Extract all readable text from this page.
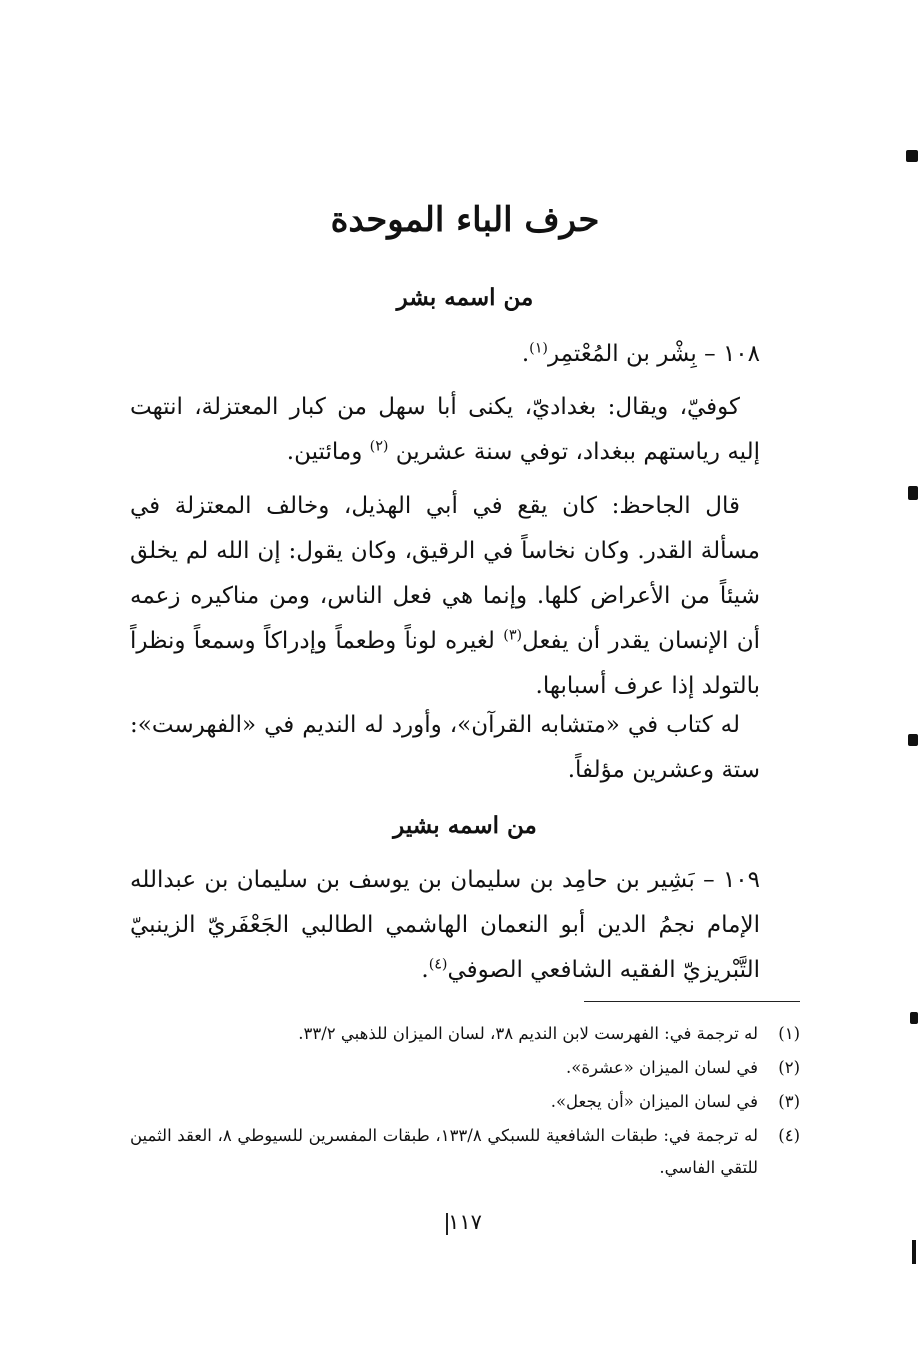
حرف الباء الموحدة
من اسمه بشر
١٠٨ – بِشْر بن المُعْتمِر$^{(١)}$.
كوفيّ، ويقال: بغداديّ، يكنى أبا سهل من كبار المعتزلة، انتهت إليه رياستهم ببغداد، توفي سنة عشرين $^{(٢)}$ ومائتين.
قال الجاحظ: كان يقع في أبي الهذيل، وخالف المعتزلة في مسألة القدر. وكان نخاساً في الرقيق، وكان يقول: إن الله لم يخلق شيئاً من الأعراض كلها. وإنما هي فعل الناس، ومن مناكيره زعمه أن الإنسان يقدر أن يفعل$^{(٣)}$ لغيره لوناً وطعماً وإدراكاً وسمعاً ونظراً بالتولد إذا عرف أسبابها.
له كتاب في «متشابه القرآن»، وأورد له النديم في «الفهرست»: ستة وعشرين مؤلفاً.
من اسمه بشير
١٠٩ – بَشِير بن حامِد بن سليمان بن يوسف بن سليمان بن عبدالله الإمام نجمُ الدين أبو النعمان الهاشمي الطالبي الجَعْفَريّ الزينبيّ التَّبْريزيّ الفقيه الشافعي الصوفي$^{(٤)}$.
(١)
له ترجمة في: الفهرست لابن النديم ٣٨، لسان الميزان للذهبي ٣٣/٢.
(٢)
في لسان الميزان «عشرة».
(٣)
في لسان الميزان «أن يجعل».
(٤)
له ترجمة في: طبقات الشافعية للسبكي ١٣٣/٨، طبقات المفسرين للسيوطي ٨، العقد الثمين للتقي الفاسي.
١١٧
